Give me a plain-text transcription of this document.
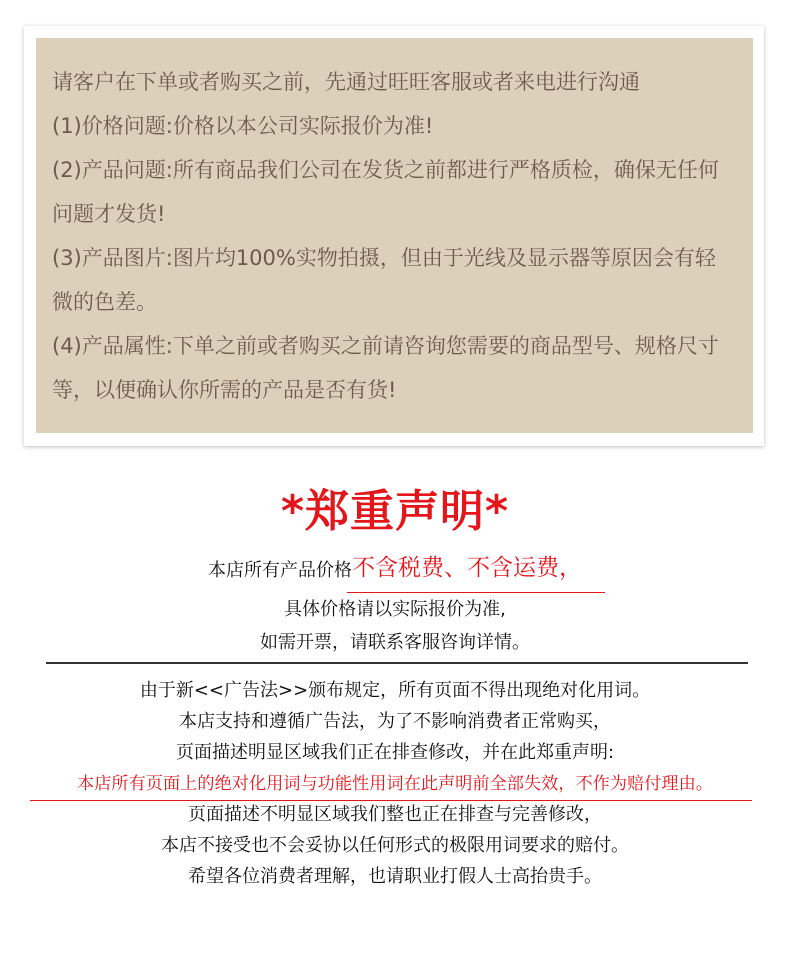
请客户在下单或者购买之前，先通过旺旺客服或者来电进行沟通

(1)价格问题:价格以本公司实际报价为准!

(2)产品问题:所有商品我们公司在发货之前都进行严格质检，确保无任何问题才发货!

(3)产品图片:图片均100%实物拍摄，但由于光线及显示器等原因会有轻微的色差。

(4)产品属性:下单之前或者购买之前请咨询您需要的商品型号、规格尺寸等，以便确认你所需的产品是否有货!

*郑重声明*
本店所有产品价格不含税费、不含运费，
具体价格请以实际报价为准,
如需开票，请联系客服咨询详情。
由于新<<广告法>>颁布规定，所有页面不得出现绝对化用词。
本店支持和遵循广告法，为了不影响消费者正常购买，
页面描述明显区域我们正在排查修改，并在此郑重声明:
本店所有页面上的绝对化用词与功能性用词在此声明前全部失效，不作为赔付理由。
页面描述不明显区域我们整也正在排查与完善修改，
本店不接受也不会妥协以任何形式的极限用词要求的赔付。
希望各位消费者理解，也请职业打假人士高抬贵手。
